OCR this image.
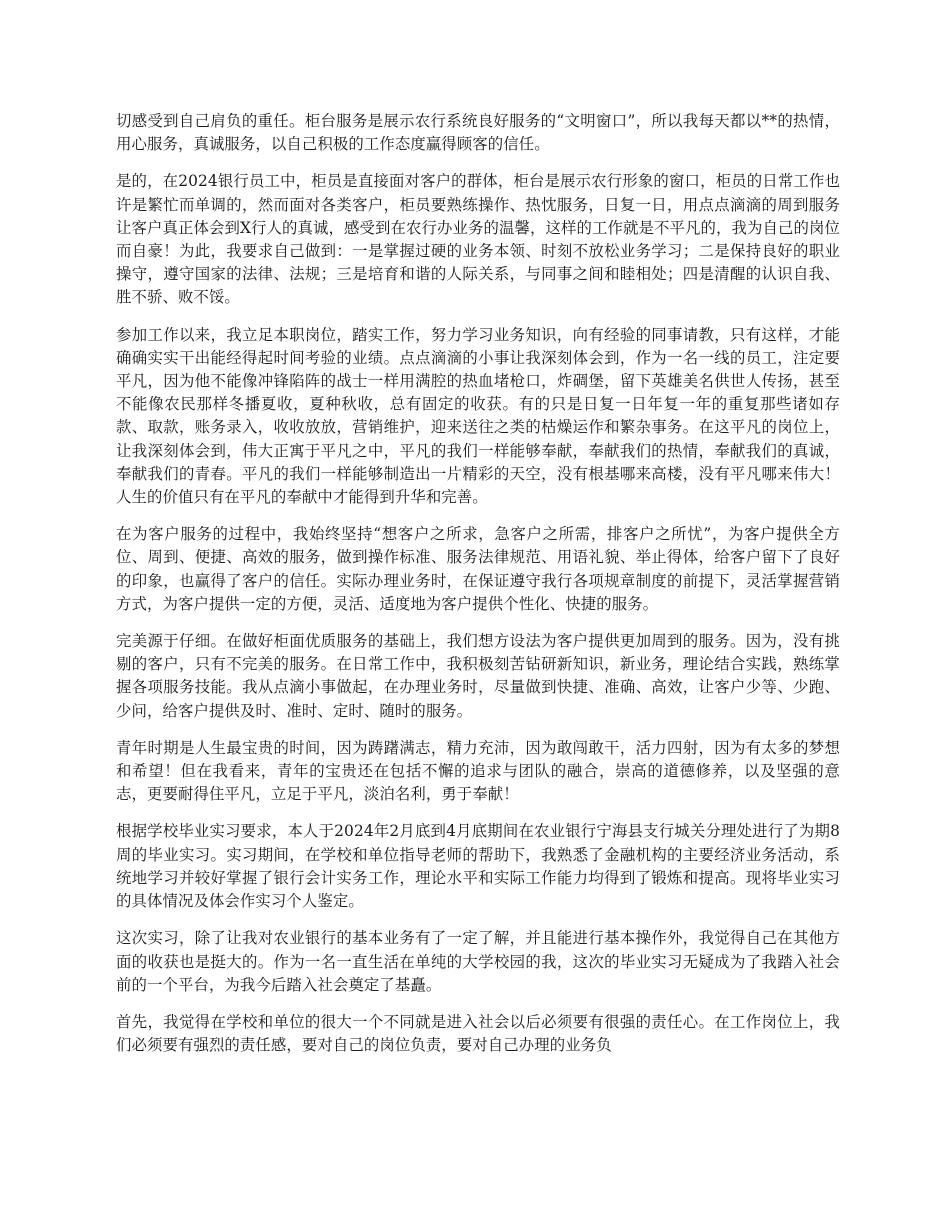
切感受到自己肩负的重任。柜台服务是展示农行系统良好服务的“文明窗口”，所以我每天都以**的热情，用心服务，真诚服务，以自己积极的工作态度赢得顾客的信任。

是的，在2024银行员工中，柜员是直接面对客户的群体，柜台是展示农行形象的窗口，柜员的日常工作也许是繁忙而单调的，然而面对各类客户，柜员要熟练操作、热忱服务，日复一日，用点点滴滴的周到服务让客户真正体会到X行人的真诚，感受到在农行办业务的温馨，这样的工作就是不平凡的，我为自己的岗位而自豪！为此，我要求自己做到：一是掌握过硬的业务本领、时刻不放松业务学习；二是保持良好的职业操守，遵守国家的法律、法规；三是培育和谐的人际关系，与同事之间和睦相处；四是清醒的认识自我、胜不骄、败不馁。

参加工作以来，我立足本职岗位，踏实工作，努力学习业务知识，向有经验的同事请教，只有这样，才能确确实实干出能经得起时间考验的业绩。点点滴滴的小事让我深刻体会到，作为一名一线的员工，注定要平凡，因为他不能像冲锋陷阵的战士一样用满腔的热血堵枪口，炸碉堡，留下英雄美名供世人传扬，甚至不能像农民那样冬播夏收，夏种秋收，总有固定的收获。有的只是日复一日年复一年的重复那些诸如存款、取款，账务录入，收收放放，营销维护，迎来送往之类的枯燥运作和繁杂事务。在这平凡的岗位上，让我深刻体会到，伟大正寓于平凡之中，平凡的我们一样能够奉献，奉献我们的热情，奉献我们的真诚，奉献我们的青春。平凡的我们一样能够制造出一片精彩的天空，没有根基哪来高楼，没有平凡哪来伟大！人生的价值只有在平凡的奉献中才能得到升华和完善。

在为客户服务的过程中，我始终坚持“想客户之所求，急客户之所需，排客户之所忧”，为客户提供全方位、周到、便捷、高效的服务，做到操作标准、服务法律规范、用语礼貌、举止得体，给客户留下了良好的印象，也赢得了客户的信任。实际办理业务时，在保证遵守我行各项规章制度的前提下，灵活掌握营销方式，为客户提供一定的方便，灵活、适度地为客户提供个性化、快捷的服务。

完美源于仔细。在做好柜面优质服务的基础上，我们想方设法为客户提供更加周到的服务。因为，没有挑剔的客户，只有不完美的服务。在日常工作中，我积极刻苦钻研新知识，新业务，理论结合实践，熟练掌握各项服务技能。我从点滴小事做起，在办理业务时，尽量做到快捷、准确、高效，让客户少等、少跑、少问，给客户提供及时、准时、定时、随时的服务。

青年时期是人生最宝贵的时间，因为踌躇满志，精力充沛，因为敢闯敢干，活力四射，因为有太多的梦想和希望！但在我看来，青年的宝贵还在包括不懈的追求与团队的融合，崇高的道德修养，以及坚强的意志，更要耐得住平凡，立足于平凡，淡泊名利，勇于奉献！

根据学校毕业实习要求，本人于2024年2月底到4月底期间在农业银行宁海县支行城关分理处进行了为期8周的毕业实习。实习期间，在学校和单位指导老师的帮助下，我熟悉了金融机构的主要经济业务活动，系统地学习并较好掌握了银行会计实务工作，理论水平和实际工作能力均得到了锻炼和提高。现将毕业实习的具体情况及体会作实习个人鉴定。

这次实习，除了让我对农业银行的基本业务有了一定了解，并且能进行基本操作外，我觉得自己在其他方面的收获也是挺大的。作为一名一直生活在单纯的大学校园的我，这次的毕业实习无疑成为了我踏入社会前的一个平台，为我今后踏入社会奠定了基矗。

首先，我觉得在学校和单位的很大一个不同就是进入社会以后必须要有很强的责任心。在工作岗位上，我们必须要有强烈的责任感，要对自己的岗位负责，要对自己办理的业务负
